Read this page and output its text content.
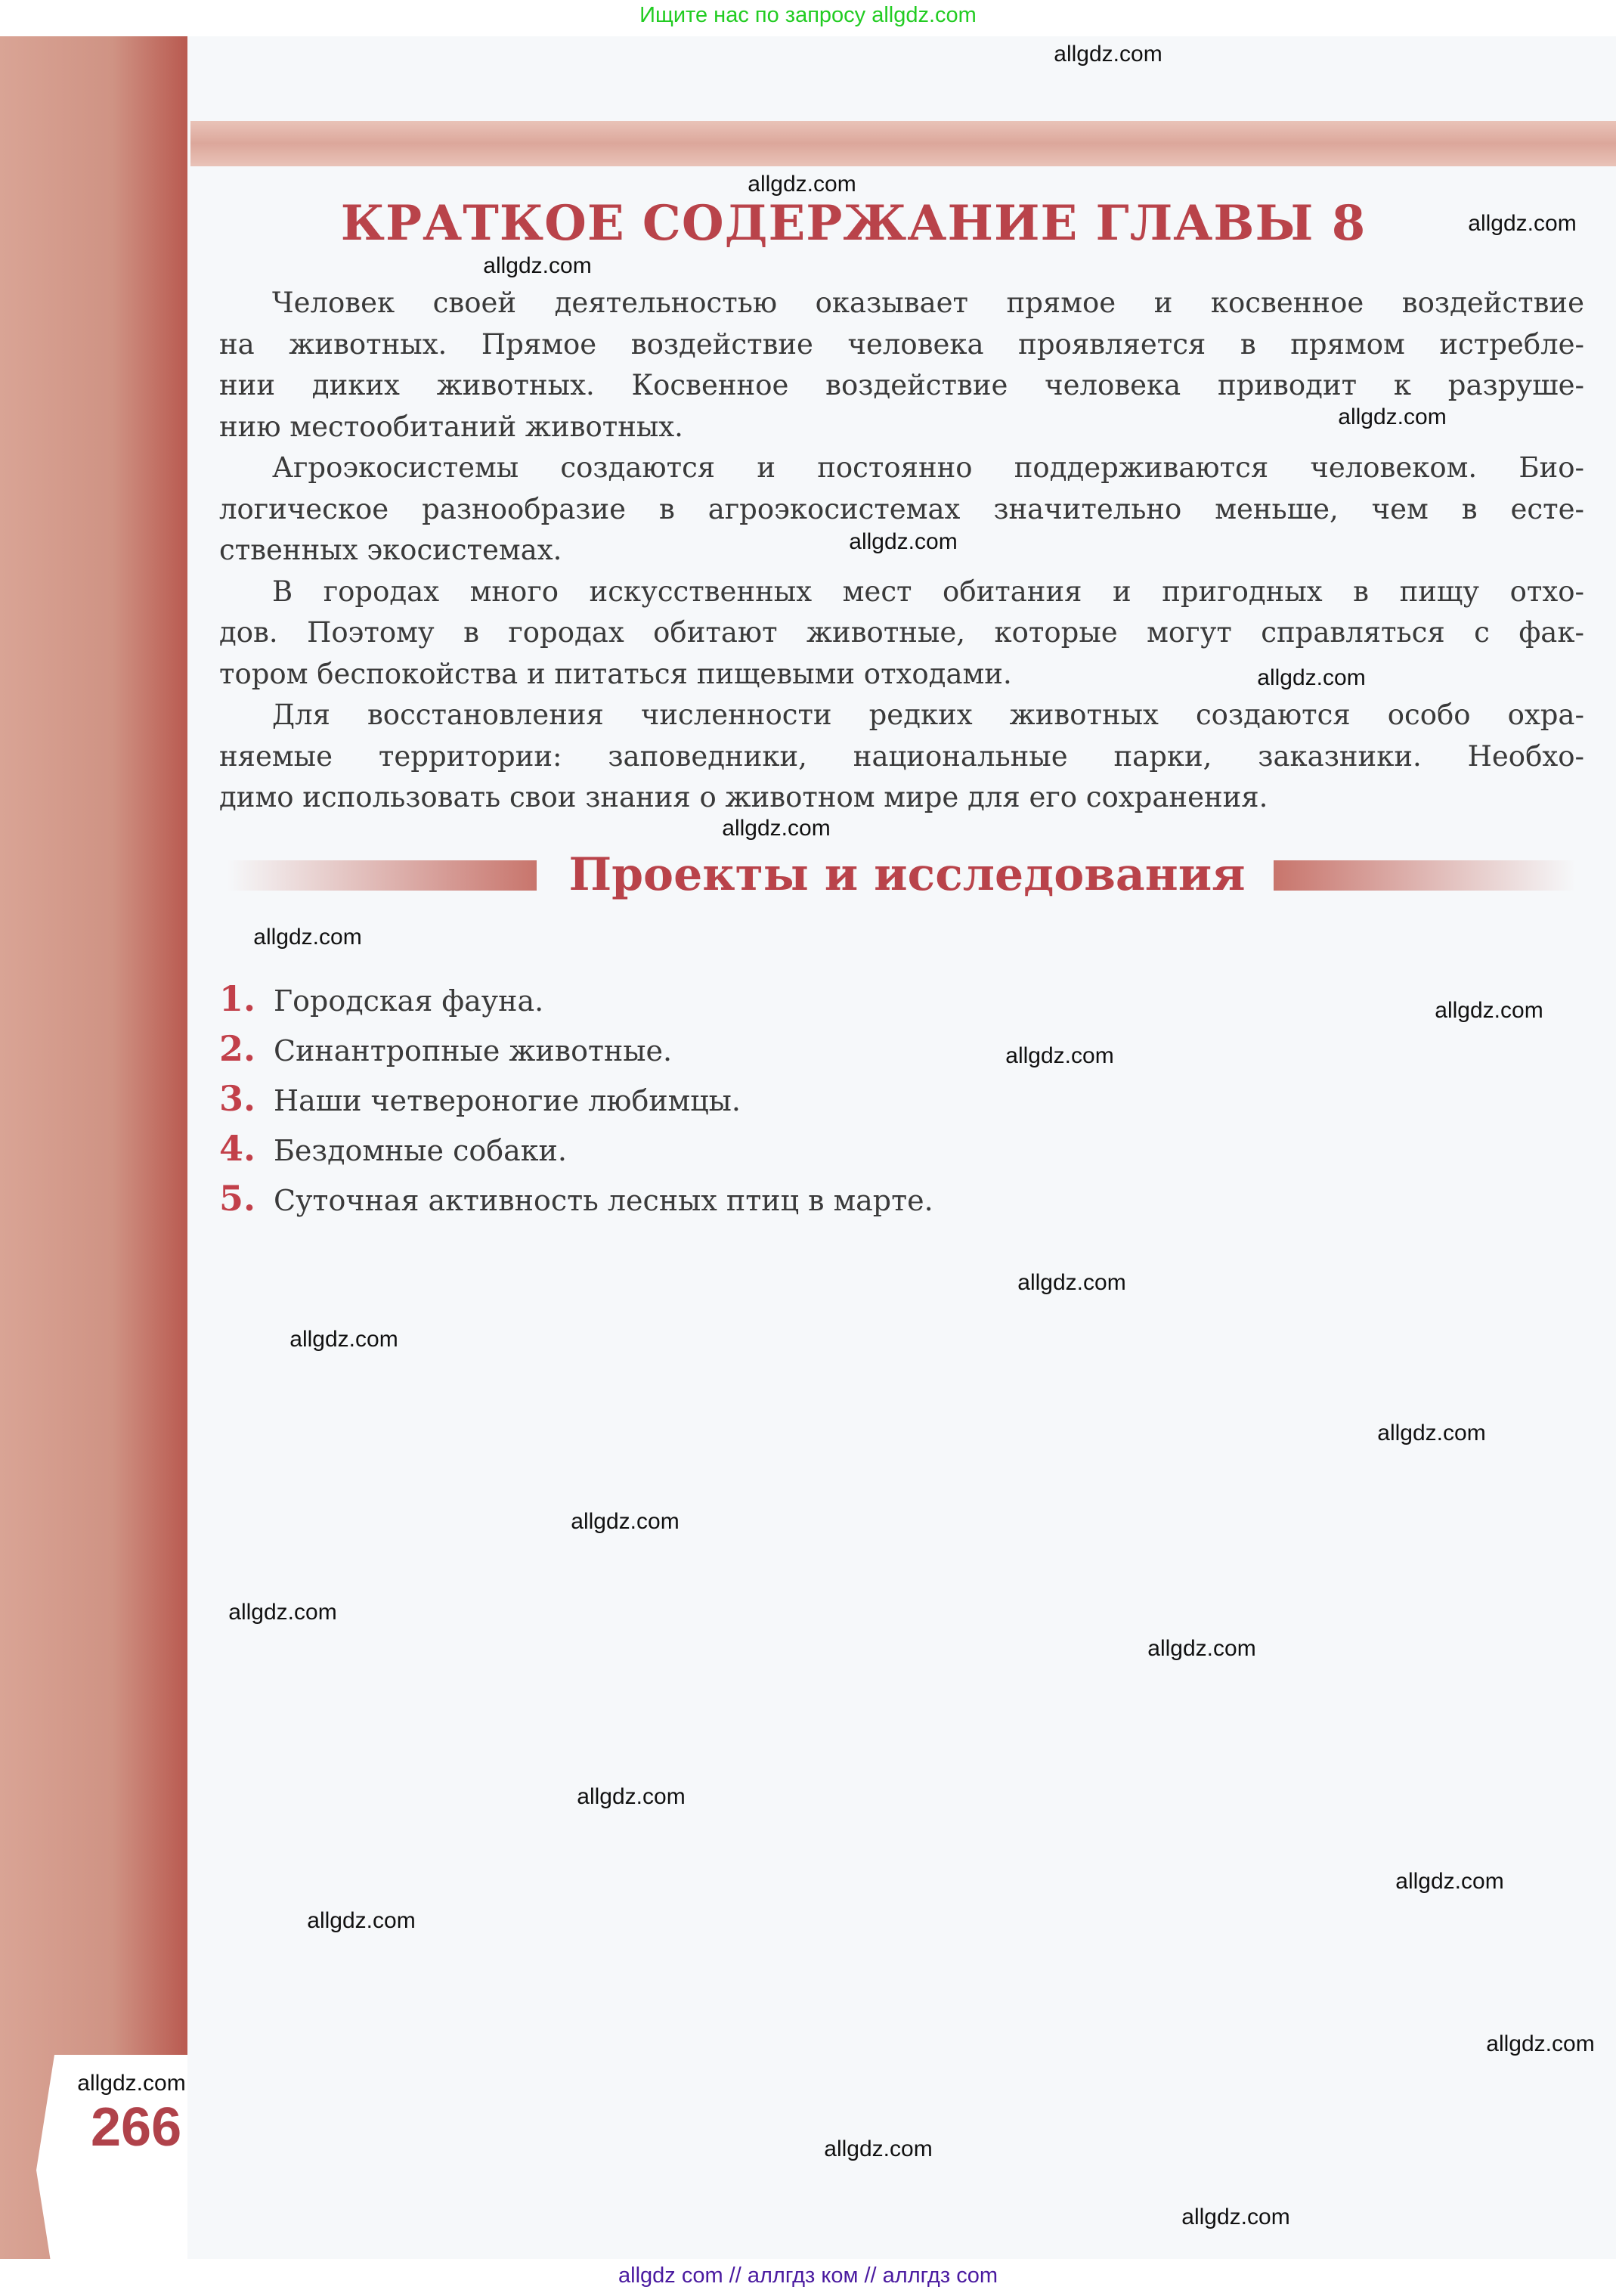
Ищите нас по запросу allgdz.com
266
КРАТКОЕ СОДЕРЖАНИЕ ГЛАВЫ 8
Человек своей деятельностью оказывает прямое и косвенное воздействие
на животных. Прямое воздействие человека проявляется в прямом истребле-
нии диких животных. Косвенное воздействие человека приводит к разруше-
нию местообитаний животных.
Агроэкосистемы создаются и постоянно поддерживаются человеком. Био-
логическое разнообразие в агроэкосистемах значительно меньше, чем в есте-
ственных экосистемах.
В городах много искусственных мест обитания и пригодных в пищу отхо-
дов. Поэтому в городах обитают животные, которые могут справляться с фак-
тором беспокойства и питаться пищевыми отходами.
Для восстановления численности редких животных создаются особо охра-
няемые территории: заповедники, национальные парки, заказники. Необхо-
димо использовать свои знания о животном мире для его сохранения.
Проекты и исследования
1. Городская фауна.
2. Синантропные животные.
3. Наши четвероногие любимцы.
4. Бездомные собаки.
5. Суточная активность лесных птиц в марте.
allgdz.com
allgdz.com
allgdz.com
allgdz.com
allgdz.com
allgdz.com
allgdz.com
allgdz.com
allgdz.com
allgdz.com
allgdz.com
allgdz.com
allgdz.com
allgdz.com
allgdz.com
allgdz.com
allgdz.com
allgdz.com
allgdz.com
allgdz.com
allgdz.com
allgdz.com
allgdz.com
allgdz.com
allgdz com // аллгдз ком // аллгдз com
